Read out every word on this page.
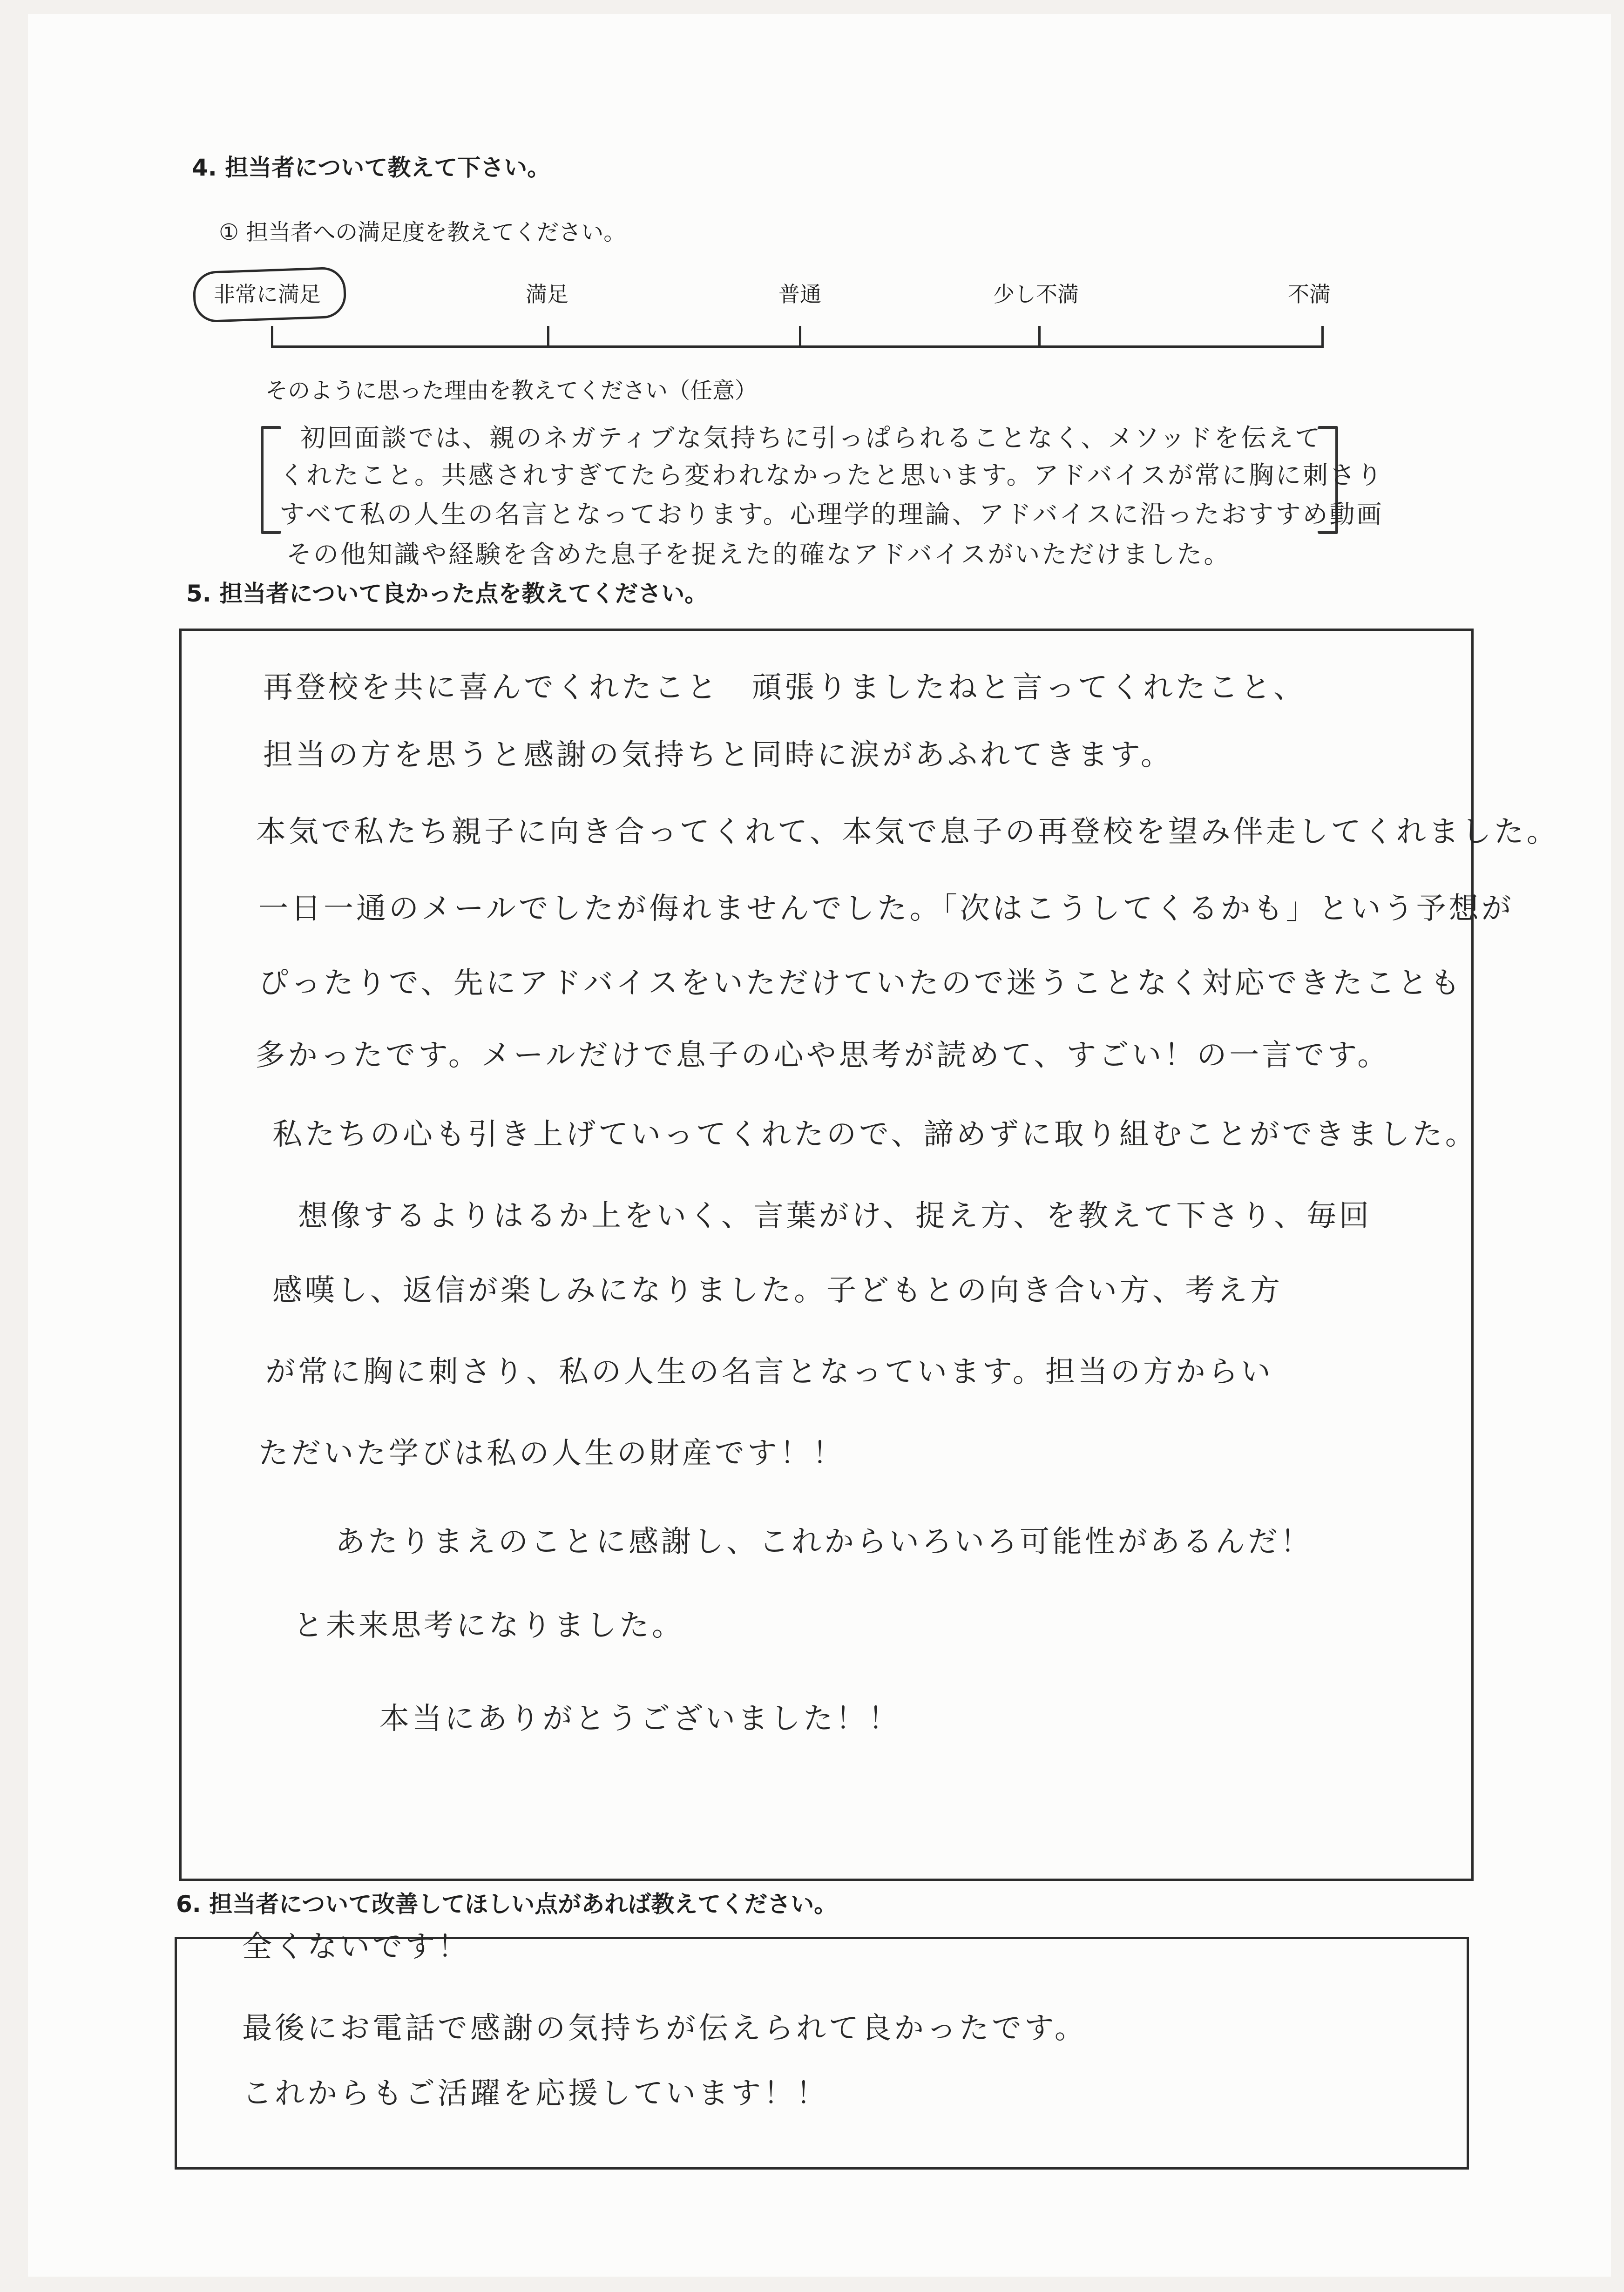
4. 担当者について教えて下さい。
① 担当者への満足度を教えてください。
非常に満足	満足	普通	少し不満	不満
そのように思った理由を教えてください（任意）
初回面談では、親のネガティブな気持ちに引っぱられることなく、メソッドを伝えて
くれたこと。共感されすぎてたら変われなかったと思います。アドバイスが常に胸に刺さり
すべて私の人生の名言となっております。心理学的理論、アドバイスに沿ったおすすめ動画
その他知識や経験を含めた息子を捉えた的確なアドバイスがいただけました。
5. 担当者について良かった点を教えてください。
再登校を共に喜んでくれたこと　頑張りましたねと言ってくれたこと、
担当の方を思うと感謝の気持ちと同時に涙があふれてきます。
本気で私たち親子に向き合ってくれて、本気で息子の再登校を望み伴走してくれました。
一日一通のメールでしたが侮れませんでした。「次はこうしてくるかも」という予想が
ぴったりで、先にアドバイスをいただけていたので迷うことなく対応できたことも
多かったです。メールだけで息子の心や思考が読めて、すごい！の一言です。
私たちの心も引き上げていってくれたので、諦めずに取り組むことができました。
想像するよりはるか上をいく、言葉がけ、捉え方、を教えて下さり、毎回
感嘆し、返信が楽しみになりました。子どもとの向き合い方、考え方
が常に胸に刺さり、私の人生の名言となっています。担当の方からい
ただいた学びは私の人生の財産です！！
あたりまえのことに感謝し、これからいろいろ可能性があるんだ！
と未来思考になりました。
本当にありがとうございました！！
6. 担当者について改善してほしい点があれば教えてください。
全くないです！
最後にお電話で感謝の気持ちが伝えられて良かったです。
これからもご活躍を応援しています！！
